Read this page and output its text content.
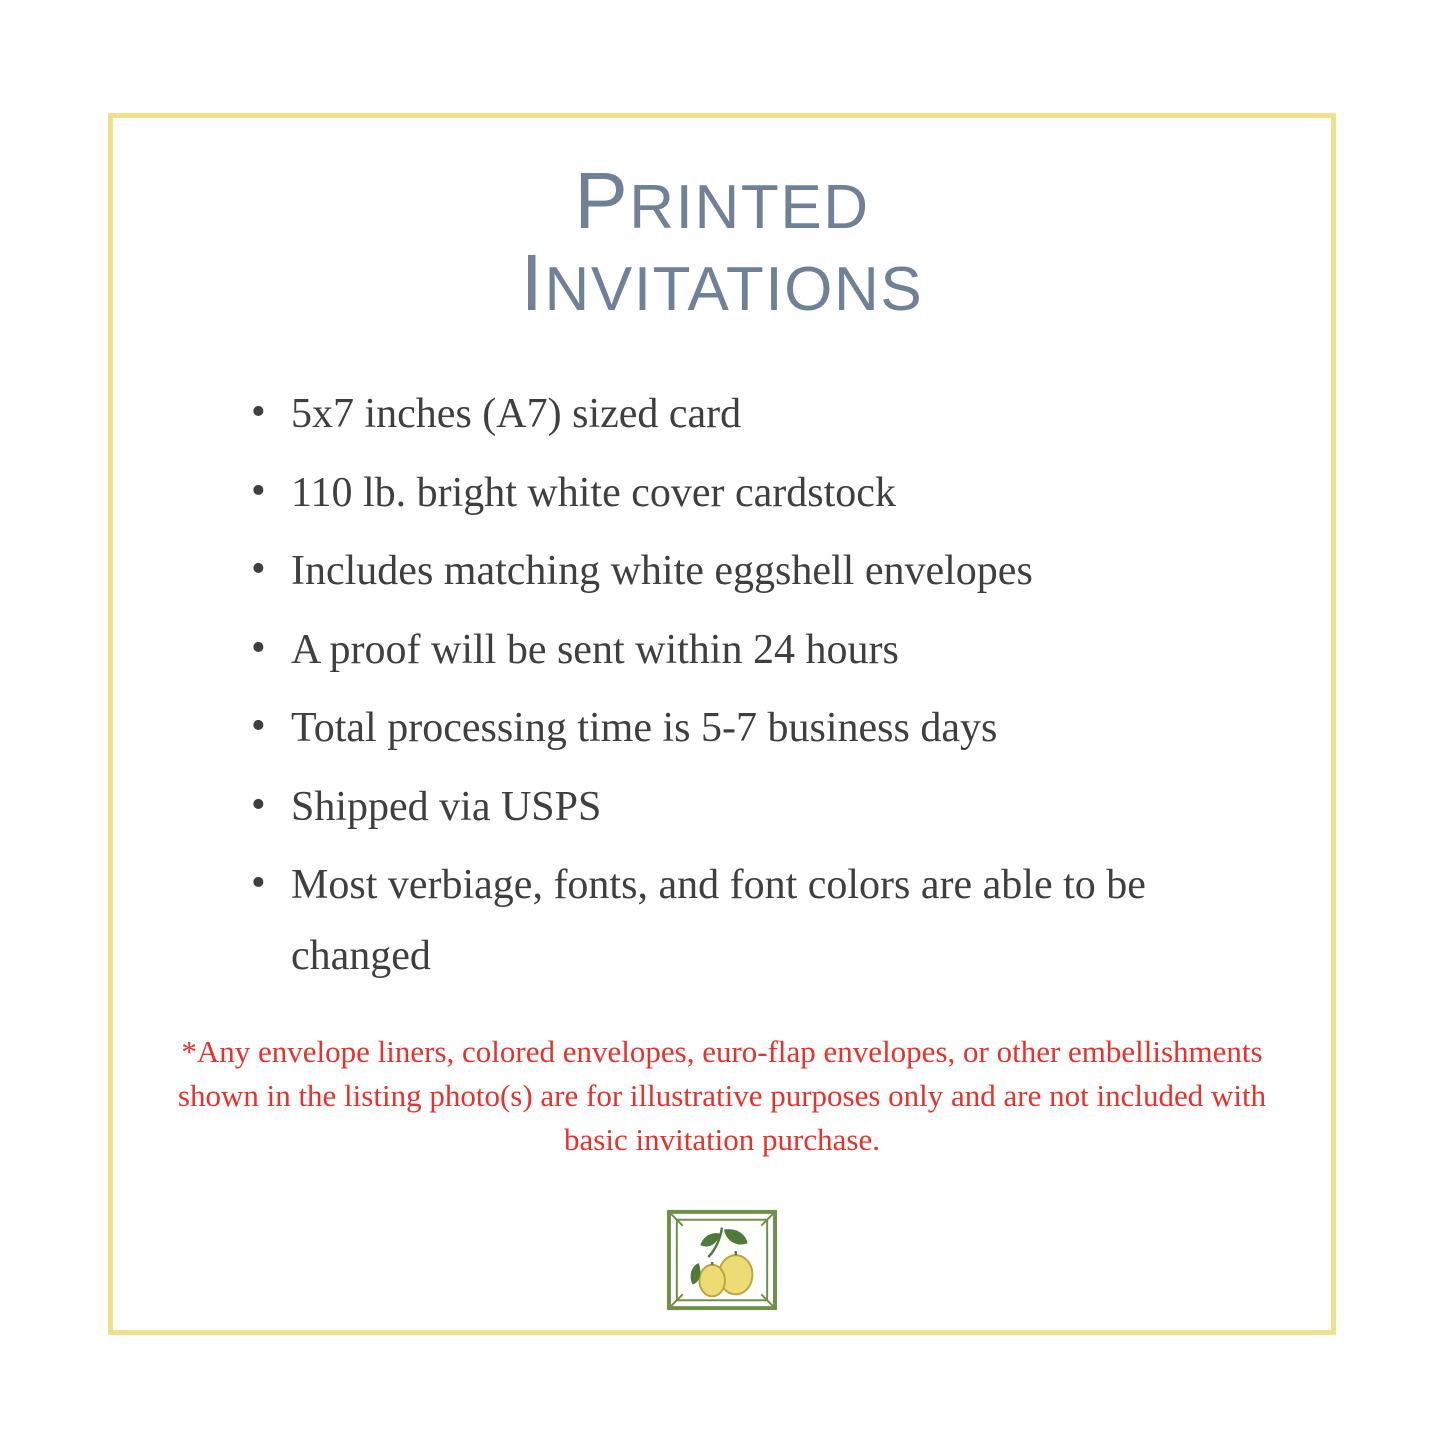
PRINTED
INVITATIONS
• 5x7 inches (A7) sized card
• 110 lb. bright white cover cardstock
• Includes matching white eggshell envelopes
• A proof will be sent within 24 hours
• Total processing time is 5-7 business days
• Shipped via USPS
• Most verbiage, fonts, and font colors are able to be changed
*Any envelope liners, colored envelopes, euro-flap envelopes, or other embellishments shown in the listing photo(s) are for illustrative purposes only and are not included with basic invitation purchase.
